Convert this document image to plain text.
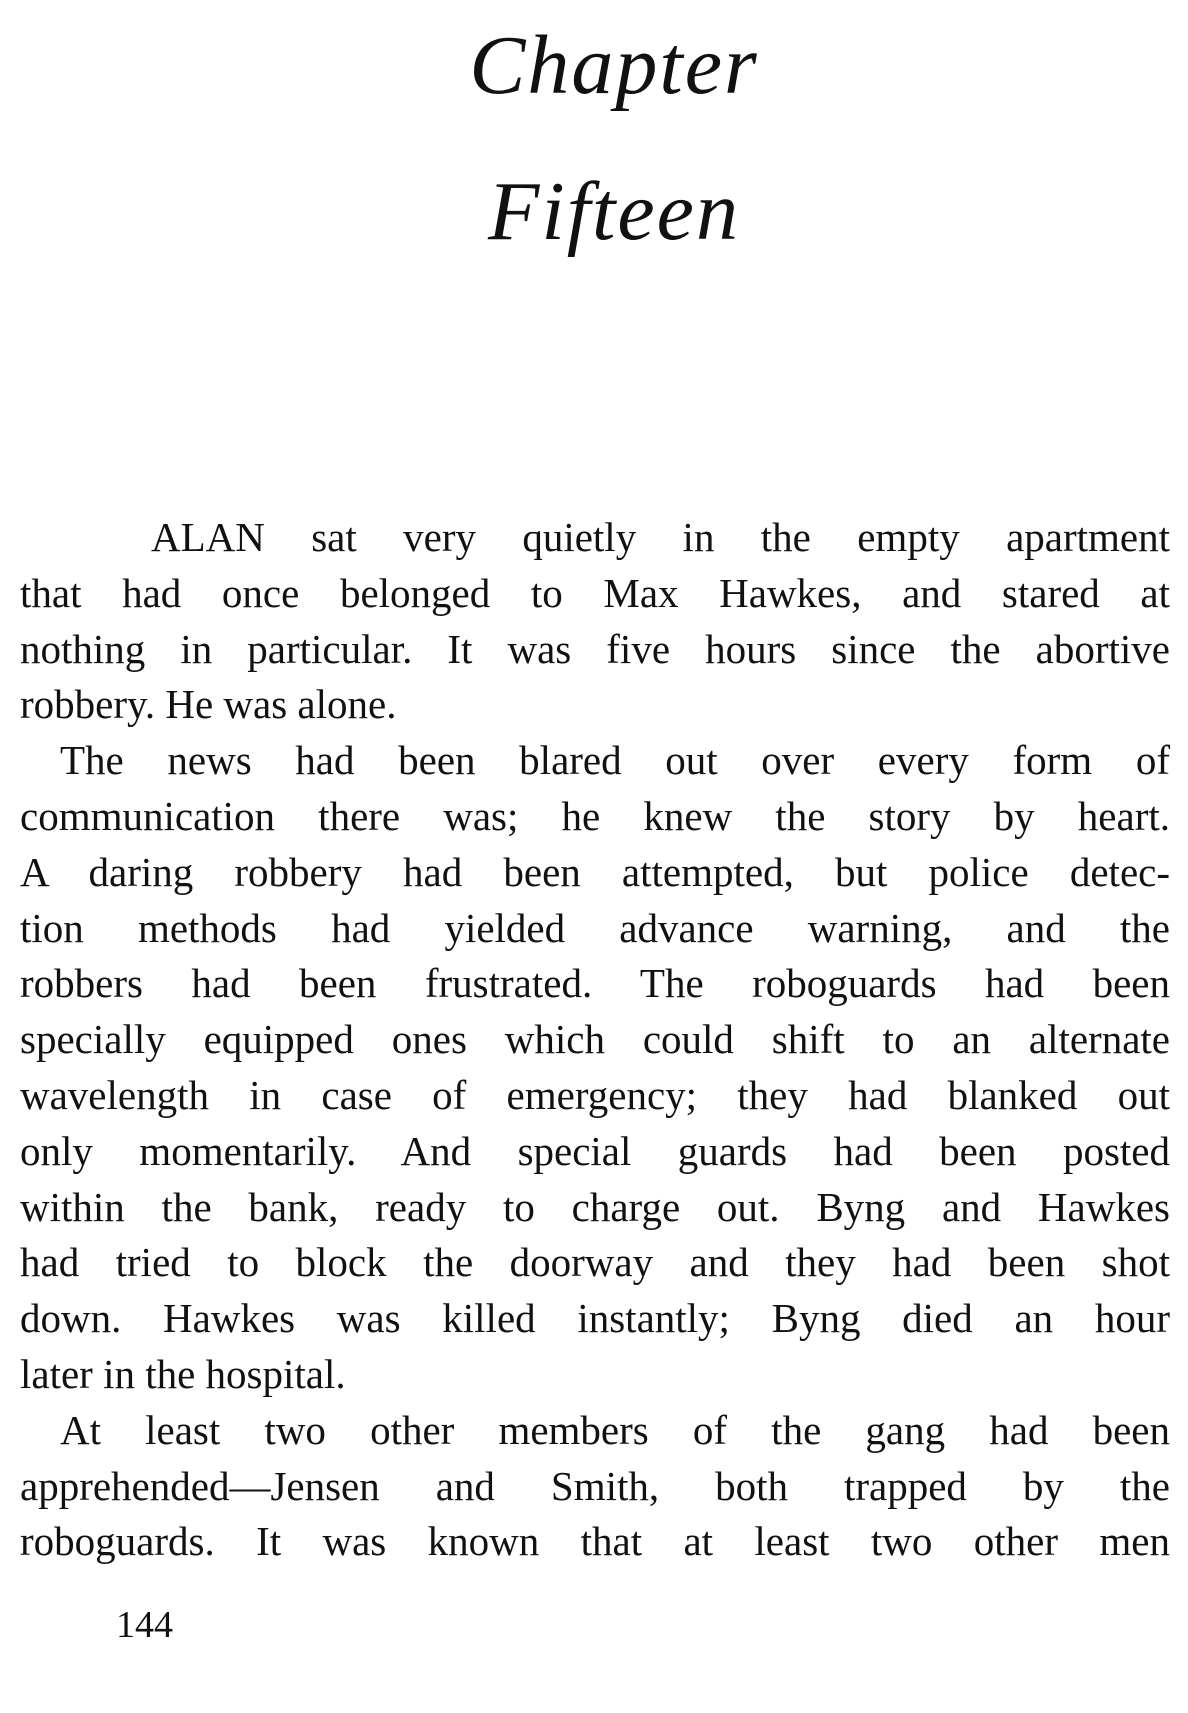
Chapter
Fifteen
ALAN sat very quietly in the empty apartment
that had once belonged to Max Hawkes, and stared at
nothing in particular. It was five hours since the abortive
robbery. He was alone.
The news had been blared out over every form of
communication there was; he knew the story by heart.
A daring robbery had been attempted, but police detec-
tion methods had yielded advance warning, and the
robbers had been frustrated. The roboguards had been
specially equipped ones which could shift to an alternate
wavelength in case of emergency; they had blanked out
only momentarily. And special guards had been posted
within the bank, ready to charge out. Byng and Hawkes
had tried to block the doorway and they had been shot
down. Hawkes was killed instantly; Byng died an hour
later in the hospital.
At least two other members of the gang had been
apprehended—Jensen and Smith, both trapped by the
roboguards. It was known that at least two other men
144
